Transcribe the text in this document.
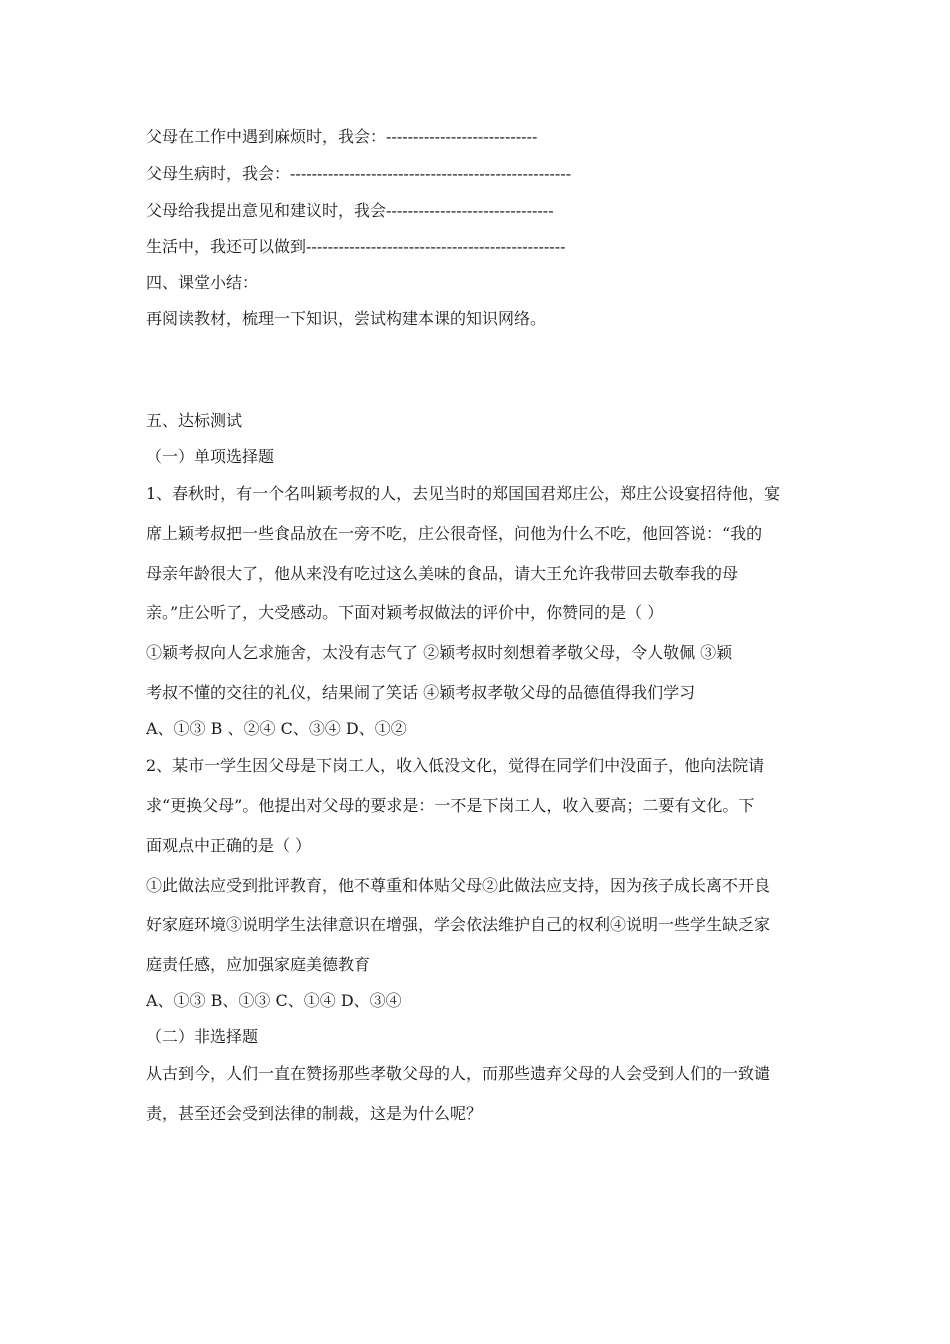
父母在工作中遇到麻烦时，我会：----------------------------
父母生病时，我会：----------------------------------------------------
父母给我提出意见和建议时，我会-------------------------------
生活中，我还可以做到------------------------------------------------
四、课堂小结：
再阅读教材，梳理一下知识，尝试构建本课的知识网络。
五、达标测试
（一）单项选择题
1、春秋时，有一个名叫颖考叔的人，去见当时的郑国国君郑庄公，郑庄公设宴招待他，宴
席上颖考叔把一些食品放在一旁不吃，庄公很奇怪，问他为什么不吃，他回答说：“我的
母亲年龄很大了，他从来没有吃过这么美味的食品，请大王允许我带回去敬奉我的母
亲。”庄公听了，大受感动。下面对颖考叔做法的评价中，你赞同的是（ ）
①颖考叔向人乞求施舍，太没有志气了 ②颖考叔时刻想着孝敬父母，令人敬佩 ③颖
考叔不懂的交往的礼仪，结果闹了笑话 ④颖考叔孝敬父母的品德值得我们学习
A、①③ B 、②④ C、③④ D、①②
2、某市一学生因父母是下岗工人，收入低没文化，觉得在同学们中没面子，他向法院请
求“更换父母”。他提出对父母的要求是：一不是下岗工人，收入要高；二要有文化。下
面观点中正确的是（ ）
①此做法应受到批评教育，他不尊重和体贴父母②此做法应支持，因为孩子成长离不开良
好家庭环境③说明学生法律意识在增强，学会依法维护自己的权利④说明一些学生缺乏家
庭责任感，应加强家庭美德教育
A、①③ B、①③ C、①④ D、③④
（二）非选择题
从古到今，人们一直在赞扬那些孝敬父母的人，而那些遗弃父母的人会受到人们的一致谴
责，甚至还会受到法律的制裁，这是为什么呢？
